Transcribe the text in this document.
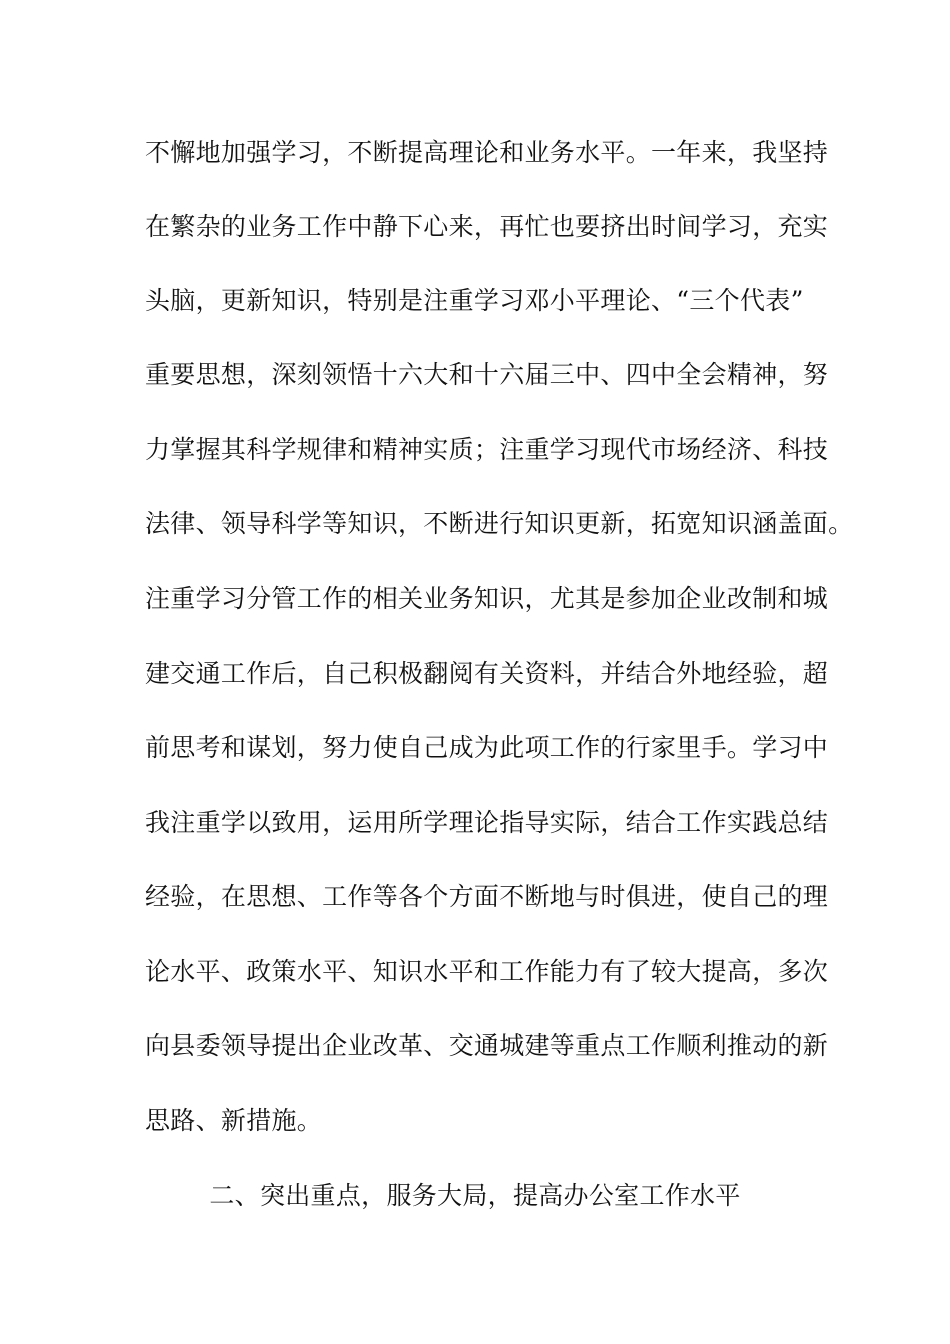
不懈地加强学习，不断提高理论和业务水平。一年来，我坚持
在繁杂的业务工作中静下心来，再忙也要挤出时间学习，充实
头脑，更新知识，特别是注重学习邓小平理论、“三个代表”
重要思想，深刻领悟十六大和十六届三中、四中全会精神，努
力掌握其科学规律和精神实质；注重学习现代市场经济、科技
法律、领导科学等知识，不断进行知识更新，拓宽知识涵盖面。
注重学习分管工作的相关业务知识，尤其是参加企业改制和城
建交通工作后，自己积极翻阅有关资料，并结合外地经验，超
前思考和谋划，努力使自己成为此项工作的行家里手。学习中
我注重学以致用，运用所学理论指导实际，结合工作实践总结
经验，在思想、工作等各个方面不断地与时俱进，使自己的理
论水平、政策水平、知识水平和工作能力有了较大提高，多次
向县委领导提出企业改革、交通城建等重点工作顺利推动的新
思路、新措施。
二、突出重点，服务大局，提高办公室工作水平
